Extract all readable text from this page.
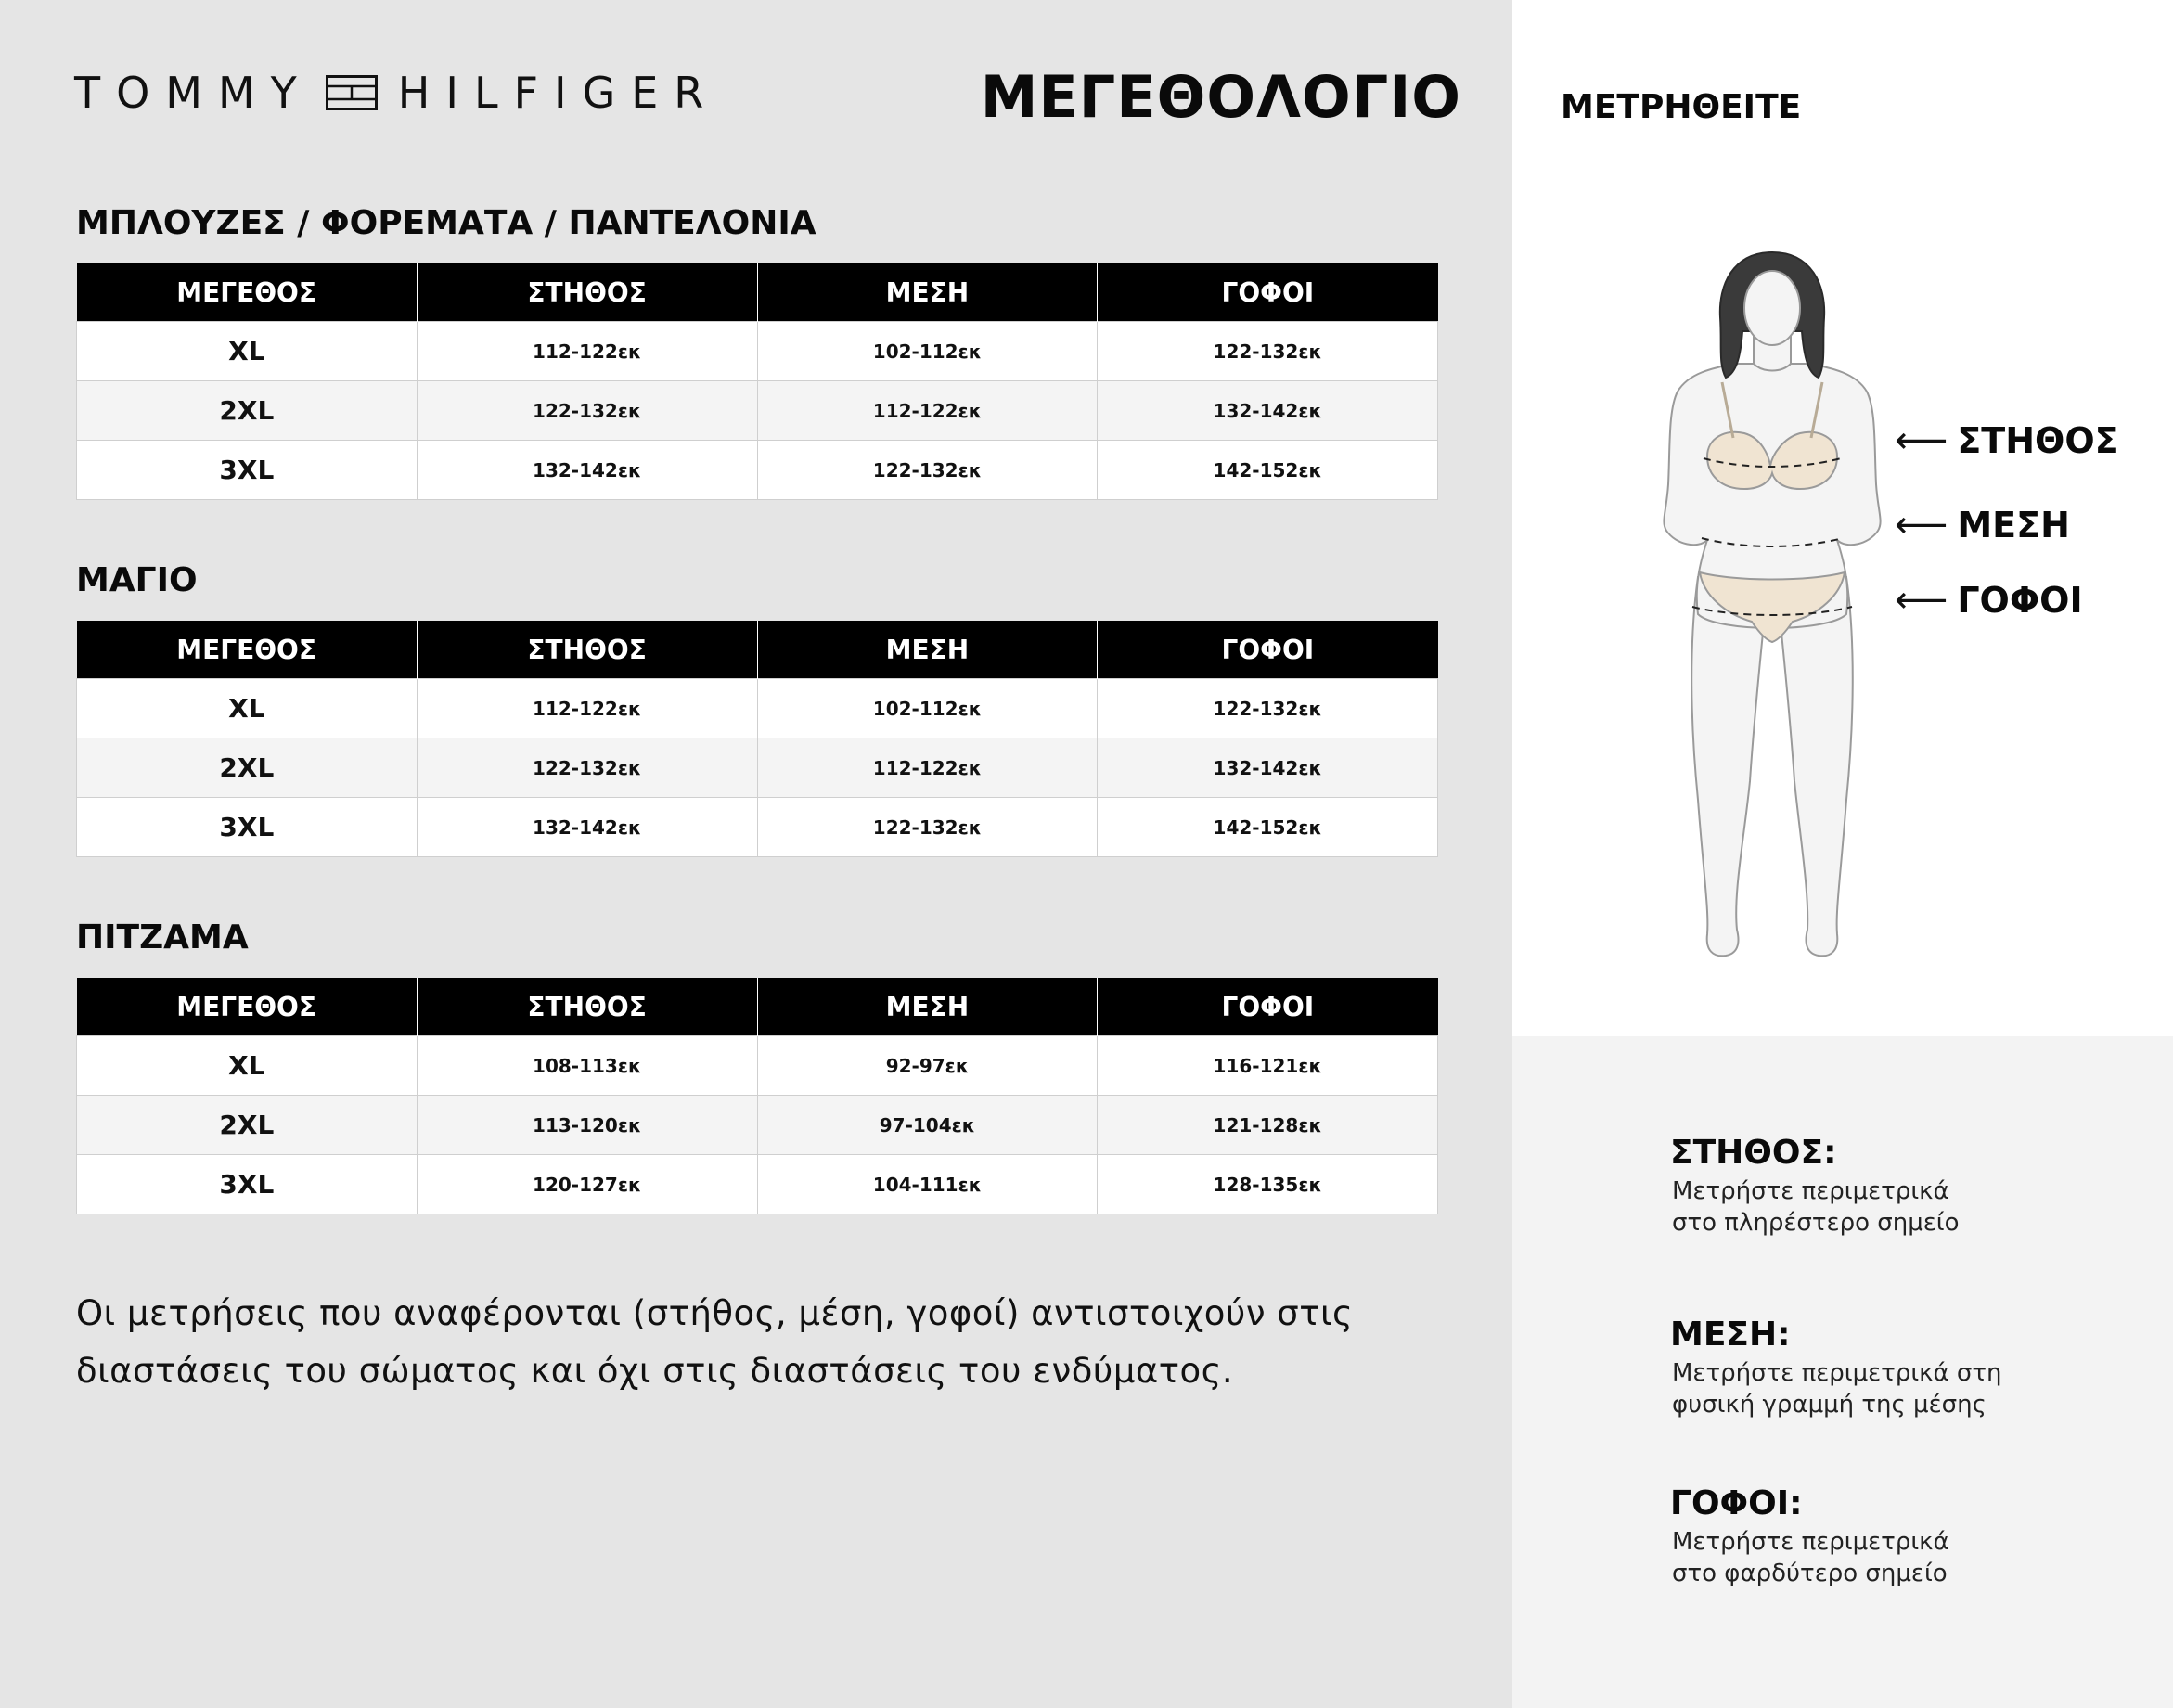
TOMMY HILFIGER	ΜΕΓΕΘΟΛΟΓΙΟ
ΜΠΛΟΥΖΕΣ / ΦΟΡΕΜΑΤΑ / ΠΑΝΤΕΛΟΝΙΑ
ΜΕΓΕΘΟΣ	ΣΤΗΘΟΣ	ΜΕΣΗ	ΓΟΦΟΙ
XL	112-122εκ	102-112εκ	122-132εκ
2XL	122-132εκ	112-122εκ	132-142εκ
3XL	132-142εκ	122-132εκ	142-152εκ
ΜΑΓΙΟ
ΜΕΓΕΘΟΣ	ΣΤΗΘΟΣ	ΜΕΣΗ	ΓΟΦΟΙ
XL	112-122εκ	102-112εκ	122-132εκ
2XL	122-132εκ	112-122εκ	132-142εκ
3XL	132-142εκ	122-132εκ	142-152εκ
ΠΙΤΖΑΜΑ
ΜΕΓΕΘΟΣ	ΣΤΗΘΟΣ	ΜΕΣΗ	ΓΟΦΟΙ
XL	108-113εκ	92-97εκ	116-121εκ
2XL	113-120εκ	97-104εκ	121-128εκ
3XL	120-127εκ	104-111εκ	128-135εκ
Οι μετρήσεις που αναφέρονται (στήθος, μέση, γοφοί) αντιστοιχούν στις
διαστάσεις του σώματος και όχι στις διαστάσεις του ενδύματος.
ΜΕΤΡΗΘΕΙΤΕ
⟵ ΣΤΗΘΟΣ
⟵ ΜΕΣΗ
⟵ ΓΟΦΟΙ
ΣΤΗΘΟΣ:
Μετρήστε περιμετρικά
στο πληρέστερο σημείο
ΜΕΣΗ:
Μετρήστε περιμετρικά στη
φυσική γραμμή της μέσης
ΓΟΦΟΙ:
Μετρήστε περιμετρικά
στο φαρδύτερο σημείο
